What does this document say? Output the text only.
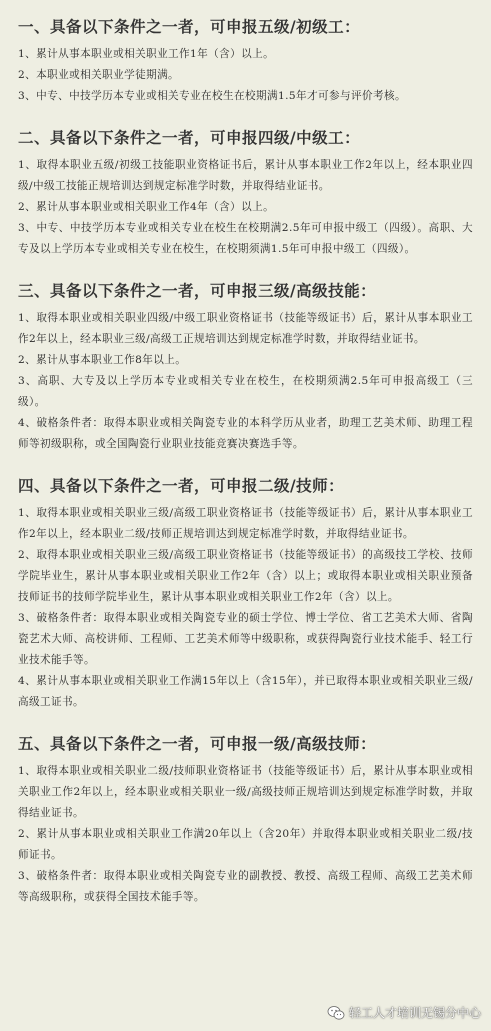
一、具备以下条件之一者，可申报五级/初级工：

1、累计从事本职业或相关职业工作1年（含）以上。

2、本职业或相关职业学徒期满。

3、中专、中技学历本专业或相关专业在校生在校期满1.5年才可参与评价考核。

二、具备以下条件之一者，可申报四级/中级工：

1、取得本职业五级/初级工技能职业资格证书后，累计从事本职业工作2年以上，经本职业四级/中级工技能正规培训达到规定标准学时数，并取得结业证书。

2、累计从事本职业或相关职业工作4年（含）以上。

3、中专、中技学历本专业或相关专业在校生在校期满2.5年可申报中级工（四级）。高职、大专及以上学历本专业或相关专业在校生，在校期须满1.5年可申报中级工（四级）。

三、具备以下条件之一者，可申报三级/高级技能：

1、取得本职业或相关职业四级/中级工职业资格证书（技能等级证书）后，累计从事本职业工作2年以上，经本职业三级/高级工正规培训达到规定标准学时数，并取得结业证书。

2、累计从事本职业工作8年以上。

3、高职、大专及以上学历本专业或相关专业在校生，在校期须满2.5年可申报高级工（三级）。

4、破格条件者：取得本职业或相关陶瓷专业的本科学历从业者，助理工艺美术师、助理工程师等初级职称，或全国陶瓷行业职业技能竞赛决赛选手等。

四、具备以下条件之一者，可申报二级/技师：

1、取得本职业或相关职业三级/高级工职业资格证书（技能等级证书）后，累计从事本职业工作2年以上，经本职业二级/技师正规培训达到规定标准学时数，并取得结业证书。

2、取得本职业或相关职业三级/高级工职业资格证书（技能等级证书）的高级技工学校、技师学院毕业生，累计从事本职业或相关职业工作2年（含）以上；或取得本职业或相关职业预备技师证书的技师学院毕业生，累计从事本职业或相关职业工作2年（含）以上。

3、破格条件者：取得本职业或相关陶瓷专业的硕士学位、博士学位、省工艺美术大师、省陶瓷艺术大师、高校讲师、工程师、工艺美术师等中级职称，或获得陶瓷行业技术能手、轻工行业技术能手等。

4、累计从事本职业或相关职业工作满15年以上（含15年），并已取得本职业或相关职业三级/高级工证书。

五、具备以下条件之一者，可申报一级/高级技师：

1、取得本职业或相关职业二级/技师职业资格证书（技能等级证书）后，累计从事本职业或相关职业工作2年以上，经本职业或相关职业一级/高级技师正规培训达到规定标准学时数，并取得结业证书。

2、累计从事本职业或相关职业工作满20年以上（含20年）并取得本职业或相关职业二级/技师证书。

3、破格条件者：取得本职业或相关陶瓷专业的副教授、教授、高级工程师、高级工艺美术师等高级职称，或获得全国技术能手等。

轻工人才培训无锡分中心
